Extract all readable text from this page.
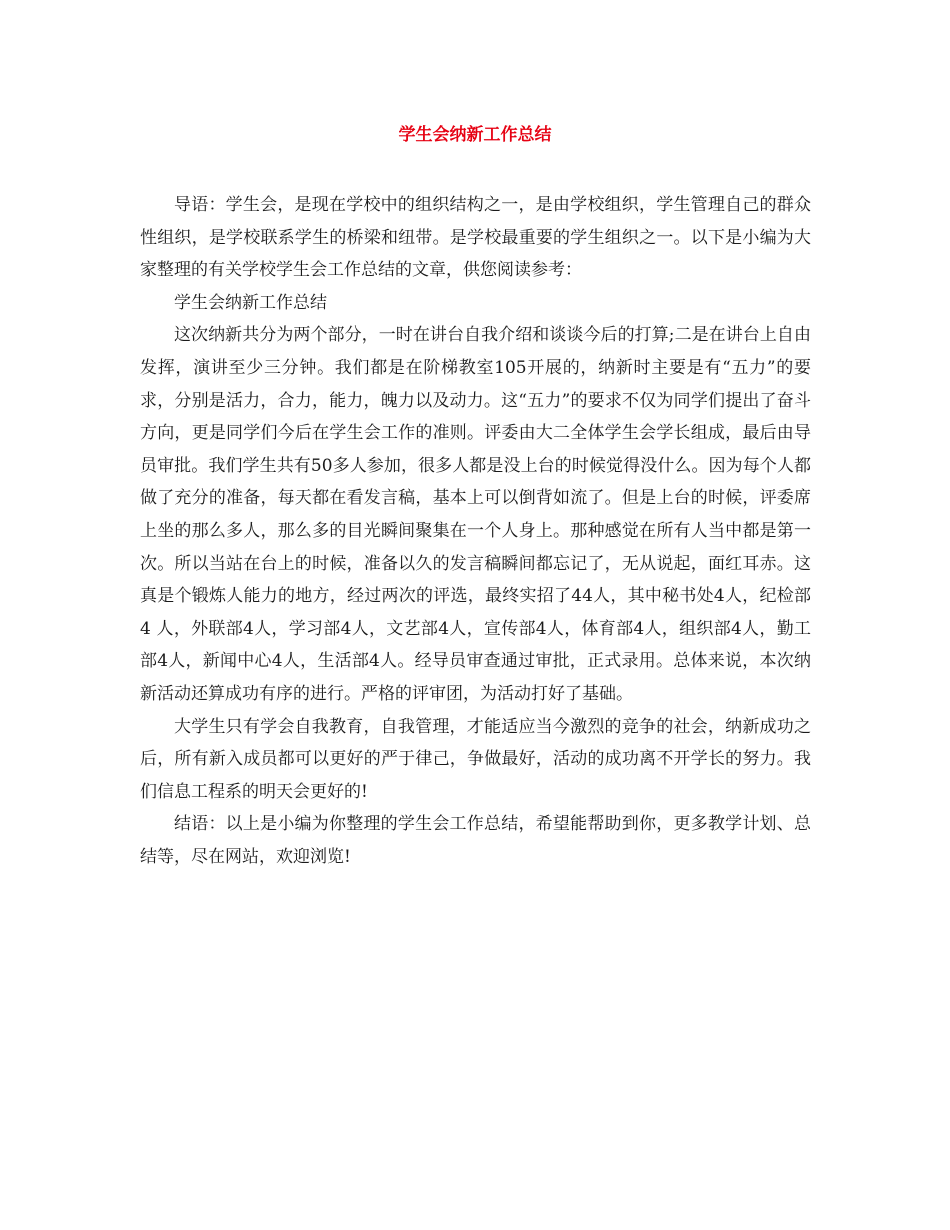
学生会纳新工作总结

导语：学生会，是现在学校中的组织结构之一，是由学校组织，学生管理自己的群众性组织，是学校联系学生的桥梁和纽带。是学校最重要的学生组织之一。以下是小编为大家整理的有关学校学生会工作总结的文章，供您阅读参考：

学生会纳新工作总结

这次纳新共分为两个部分，一时在讲台自我介绍和谈谈今后的打算;二是在讲台上自由发挥，演讲至少三分钟。我们都是在阶梯教室105开展的，纳新时主要是有“五力”的要求，分别是活力，合力，能力，魄力以及动力。这“五力”的要求不仅为同学们提出了奋斗方向，更是同学们今后在学生会工作的准则。评委由大二全体学生会学长组成，最后由导员审批。我们学生共有50多人参加，很多人都是没上台的时候觉得没什么。因为每个人都做了充分的准备，每天都在看发言稿，基本上可以倒背如流了。但是上台的时候，评委席上坐的那么多人，那么多的目光瞬间聚集在一个人身上。那种感觉在所有人当中都是第一次。所以当站在台上的时候，准备以久的发言稿瞬间都忘记了，无从说起，面红耳赤。这真是个锻炼人能力的地方，经过两次的评选，最终实招了44人，其中秘书处4人，纪检部4 人，外联部4人，学习部4人，文艺部4人，宣传部4人，体育部4人，组织部4人，勤工部4人，新闻中心4人，生活部4人。经导员审查通过审批，正式录用。总体来说，本次纳新活动还算成功有序的进行。严格的评审团，为活动打好了基础。

大学生只有学会自我教育，自我管理，才能适应当今激烈的竞争的社会，纳新成功之后，所有新入成员都可以更好的严于律己，争做最好，活动的成功离不开学长的努力。我们信息工程系的明天会更好的!

结语：以上是小编为你整理的学生会工作总结，希望能帮助到你，更多教学计划、总结等，尽在网站，欢迎浏览!
